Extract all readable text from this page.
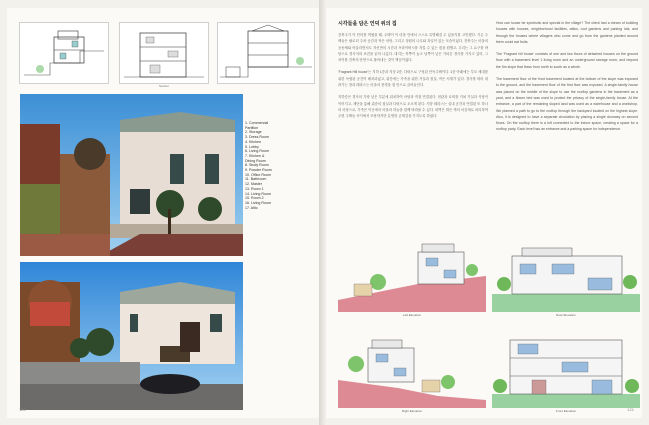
Section
1. Commercial
Partition
2. Storage
3. Dress Room
4. Kitchen
5. Lobby
6. Living Room
7. Kitchen &
Dining Room
8. Study Room
9. Powder Room
10. Office Room
11. Bathroom
12. Master
13. Room 1
14. Living Room
15. Room 2
16. Living Room
17. Attic
120
시각들을 담은 언덕 위의 집

건축주가 이 단어를 꺼냈을 때, 주택이 이 마을 안에서 스스로 특별해질 수 있을지를 고민했다. 기존 주택들은 필로티 주차 공간과 작은 마당, 그리고 정원의 나무와 과일이 있는 모습이었다. 건축주는 마을의 공동체와 어울리면서도 자신만의 시간과 프라이버시를 지킬 수 있는 집을 원했고, 우리는 그 요구를 바탕으로 경사지의 조건을 읽어 나갔다. 대지는 북쪽이 높고 남쪽이 낮은 가파른 경사를 가지고 있어, 그 차이를 건축의 단면으로 풀어내는 것이 핵심이었다.

'Fragrant Hill house'는 지하 1층과 지상 2층, 다락으로 구성된 단독주택이다. 1층 아래에는 부모 세대를 위한 독립된 공간이 배치되었고, 위층에는 가족을 위한 거실과 침실, 작은 서재가 있다. 경사를 따라 내려가는 창과 테라스는 마을의 풍경을 집 안으로 끌어들인다.

지하층은 경사의 가장 낮은 부분에 위치하여 마당과 직접 연결된다. 현관과 로비를 거쳐 거실과 식당이 이어지고, 계단을 통해 위층의 침실과 다락으로 오르게 된다. 지붕 테라스는 실내 공간과 연결된 또 하나의 마당으로, 가족은 이곳에서 마을과 하늘을 함께 바라볼 수 있다. 외벽은 밝은 색의 마감재로 처리하여 주변 주택들 사이에서 조용하지만 분명한 존재감을 가지도록 하였다.

How can house be symbiotic and special in the village? The client had a dream of building houses with houses, neighborhood facilities, attics, roof gardens and parking lots, and through the houses where villagers who come and go from the gardens planted around them could eat fruits.

The 'Fragrant hill house' consists of one and two floors of detached houses on the ground floor with a basement level 1 living room and an underground storage room, and beyond the 5m slope that flows from north to south as a whole.

The basement floor of the front basement located at the bottom of the slope was exposed to the ground, and the basement floor of the first floor was exposed. A single-family house was placed on the middle of the slope to use the rooftop gardens in the basement as a yard, and a flower bed was used to protect the privacy of the single-family house. At the entrance, a part of the remaining sloped land was used as a warehouse and a workshop. We planned a path to go to the rooftop through the backyard located on the highest slope. Also, it is designed to have a separate circulation by placing a single doorway on second floors. On the rooftop there is a loft connected to the indoor space, creating a space for a rooftop party. Each level has an entrance and a parking space for independence.

Left Elevation	Rear Elevation
Right Elevation	Front Elevation	121
